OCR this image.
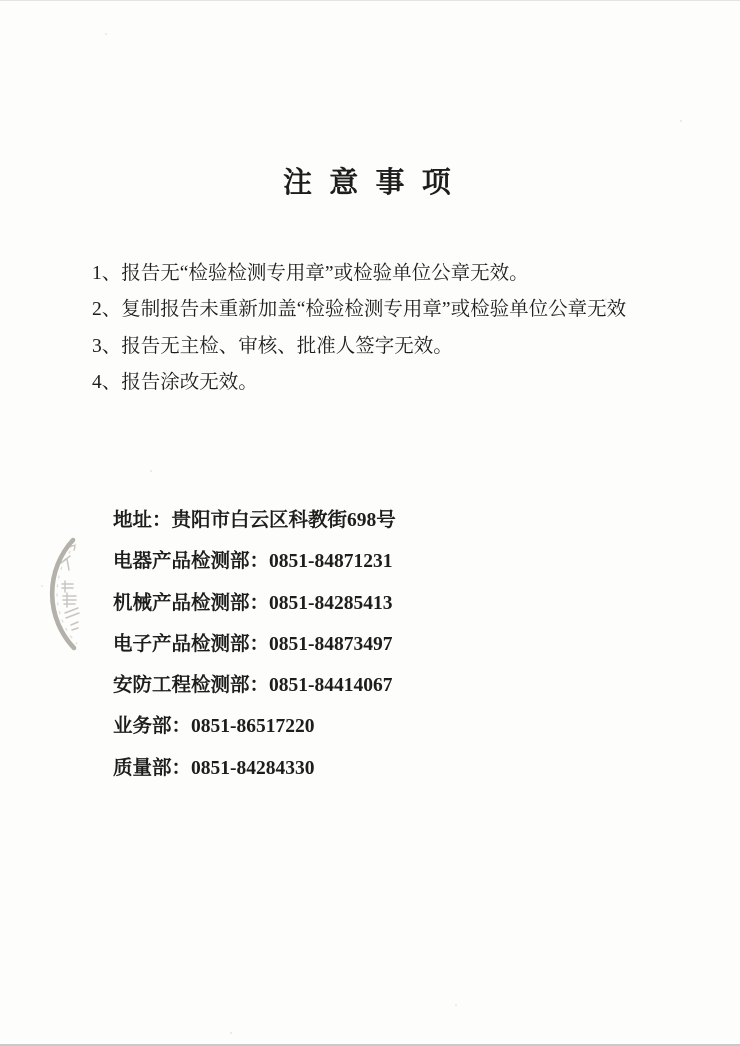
注 意 事 项
1、报告无“检验检测专用章”或检验单位公章无效。
2、复制报告未重新加盖“检验检测专用章”或检验单位公章无效
3、报告无主检、审核、批准人签字无效。
4、报告涂改无效。
地址：贵阳市白云区科教街698号
电器产品检测部：0851-84871231
机械产品检测部：0851-84285413
电子产品检测部：0851-84873497
安防工程检测部：0851-84414067
业务部：0851-86517220
质量部：0851-84284330
